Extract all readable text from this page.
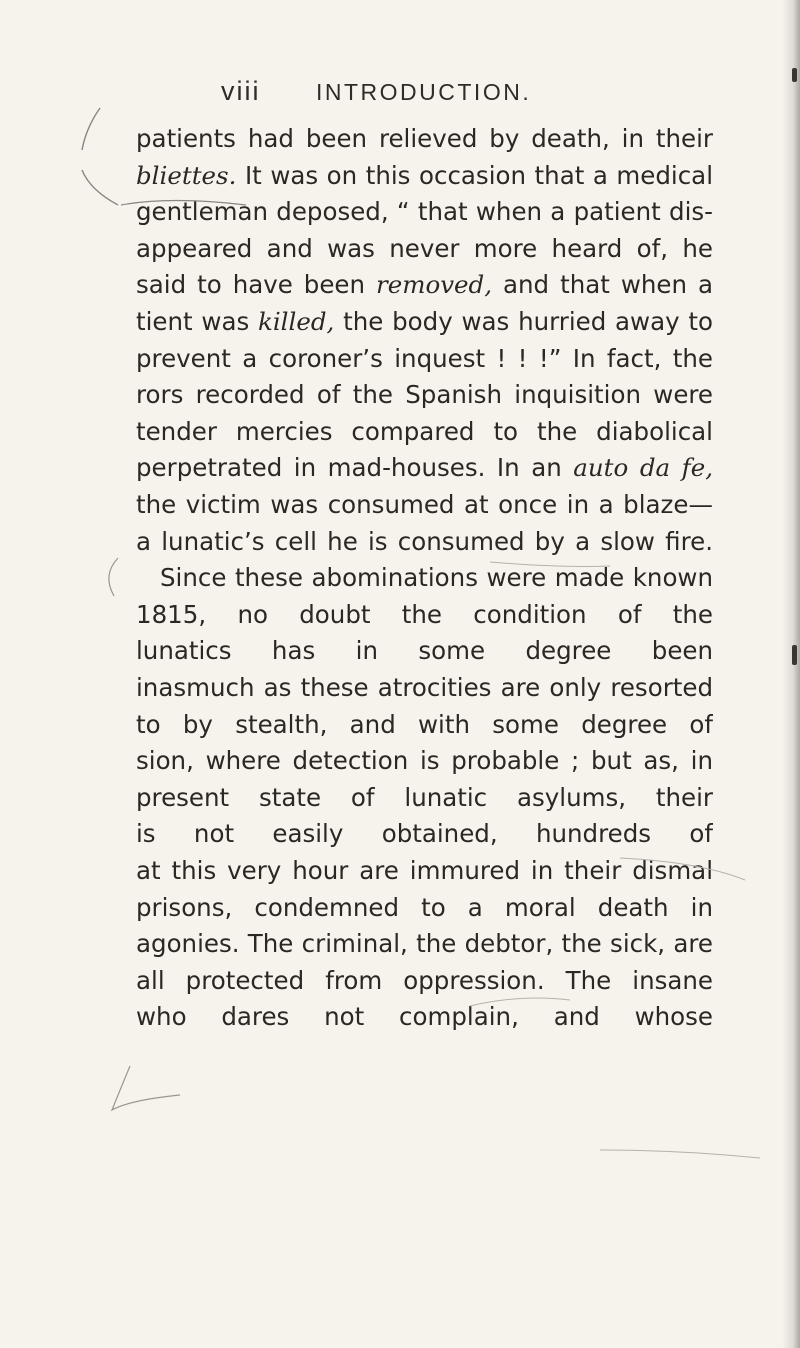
viii INTRODUCTION.
patients had been relieved by death, in their
bliettes. It was on this occasion that a medical
gentleman deposed, “ that when a patient dis-
appeared and was never more heard of, he
said to have been removed, and that when a
tient was killed, the body was hurried away to
prevent a coroner’s inquest ! ! !” In fact, the
rors recorded of the Spanish inquisition were
tender mercies compared to the diabolical
perpetrated in mad-houses. In an auto da fe,
the victim was consumed at once in a blaze—
a lunatic’s cell he is consumed by a slow fire.
Since these abominations were made known
1815, no doubt the condition of the
lunatics has in some degree been
inasmuch as these atrocities are only resorted
to by stealth, and with some degree of
sion, where detection is probable ; but as, in
present state of lunatic asylums, their
is not easily obtained, hundreds of
at this very hour are immured in their dismal
prisons, condemned to a moral death in
agonies. The criminal, the debtor, the sick, are
all protected from oppression. The insane
who dares not complain, and whose
